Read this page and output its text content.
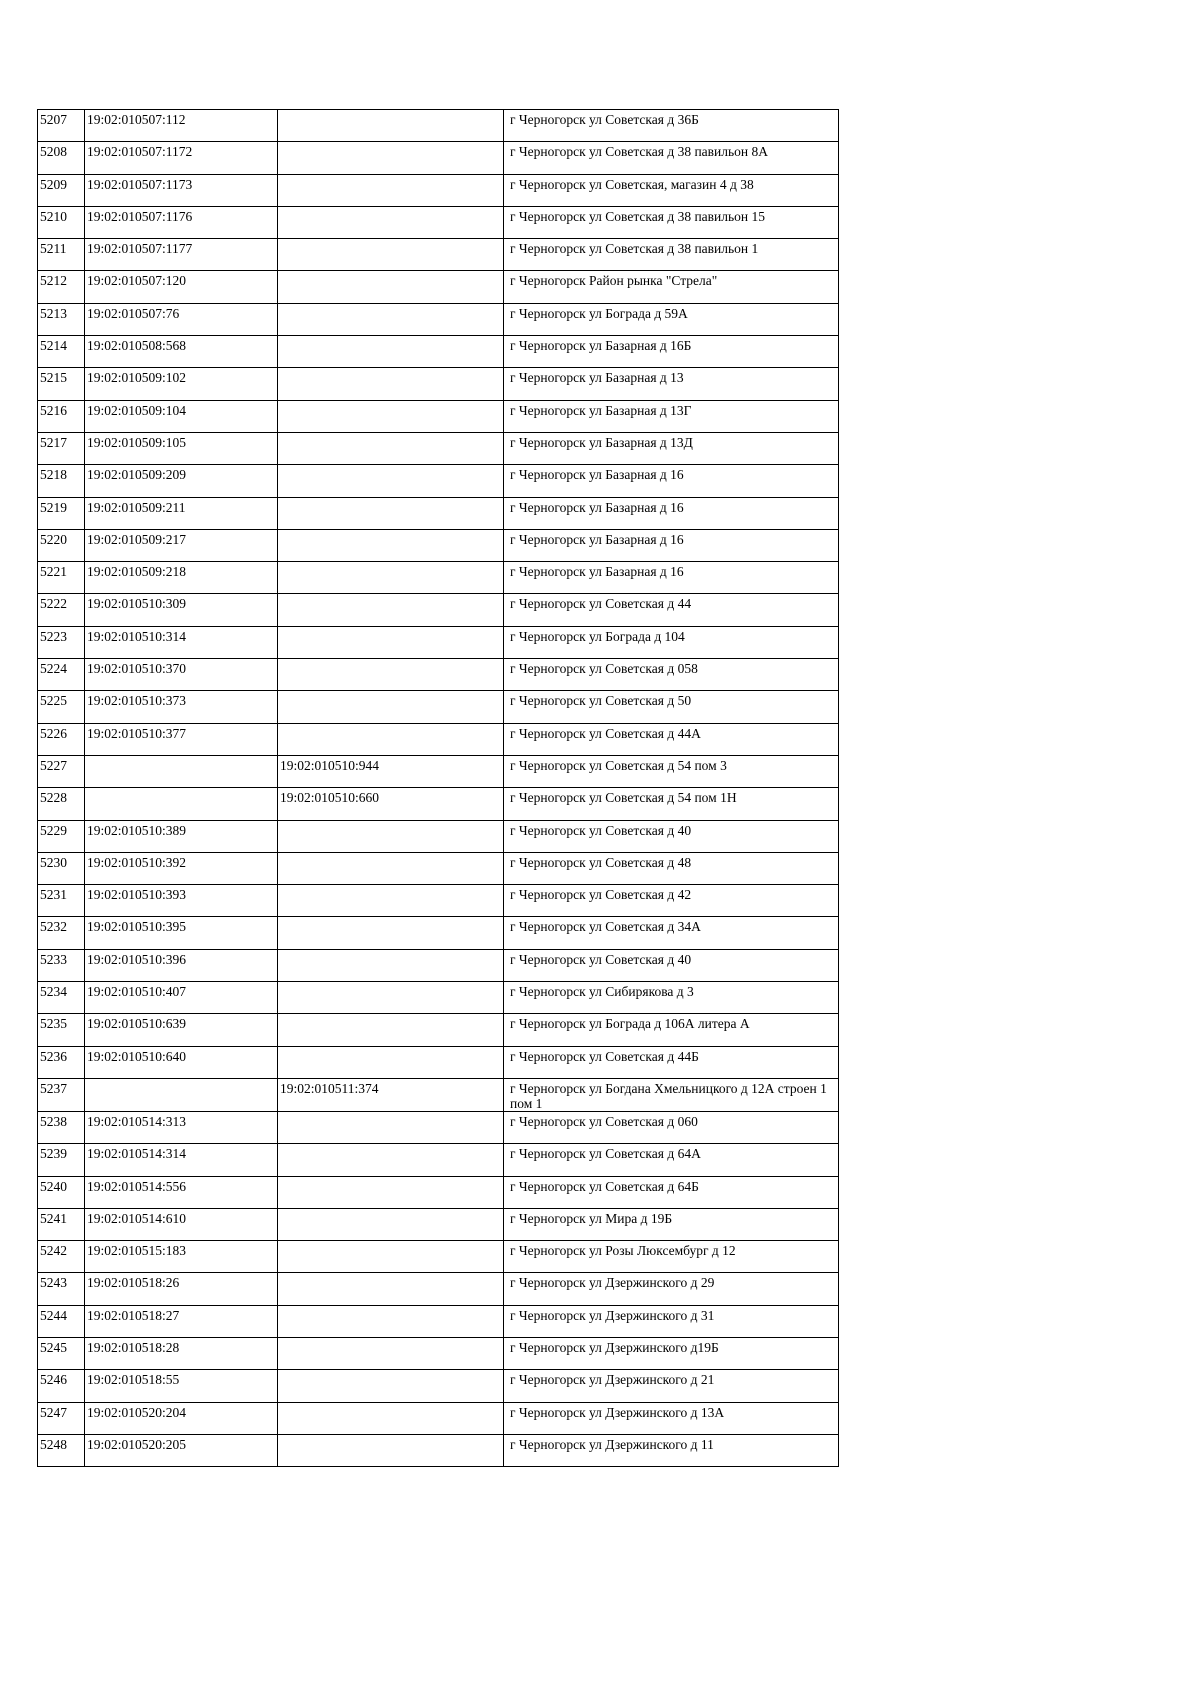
5207	19:02:010507:112		г Черногорск ул Советская д 36Б

5208	19:02:010507:1172		г Черногорск ул Советская д 38 павильон 8А

5209	19:02:010507:1173		г Черногорск ул Советская, магазин 4 д 38

5210	19:02:010507:1176		г Черногорск ул Советская д 38 павильон 15

5211	19:02:010507:1177		г Черногорск ул Советская д 38 павильон 1

5212	19:02:010507:120		г Черногорск Район рынка "Стрела"

5213	19:02:010507:76		г Черногорск ул Бограда д 59А

5214	19:02:010508:568		г Черногорск ул Базарная д 16Б

5215	19:02:010509:102		г Черногорск ул Базарная д 13

5216	19:02:010509:104		г Черногорск ул Базарная д 13Г

5217	19:02:010509:105		г Черногорск ул Базарная д 13Д

5218	19:02:010509:209		г Черногорск ул Базарная д 16

5219	19:02:010509:211		г Черногорск ул Базарная д 16

5220	19:02:010509:217		г Черногорск ул Базарная д 16

5221	19:02:010509:218		г Черногорск ул Базарная д 16

5222	19:02:010510:309		г Черногорск ул Советская д 44

5223	19:02:010510:314		г Черногорск ул Бограда д 104

5224	19:02:010510:370		г Черногорск ул Советская д 058

5225	19:02:010510:373		г Черногорск ул Советская д 50

5226	19:02:010510:377		г Черногорск ул Советская д 44А

5227		19:02:010510:944	г Черногорск ул Советская д 54 пом 3

5228		19:02:010510:660	г Черногорск ул Советская д 54 пом 1Н

5229	19:02:010510:389		г Черногорск ул Советская д 40

5230	19:02:010510:392		г Черногорск ул Советская д 48

5231	19:02:010510:393		г Черногорск ул Советская д 42

5232	19:02:010510:395		г Черногорск ул Советская д 34А

5233	19:02:010510:396		г Черногорск ул Советская д 40

5234	19:02:010510:407		г Черногорск ул Сибирякова д 3

5235	19:02:010510:639		г Черногорск ул Бограда д 106А литера А

5236	19:02:010510:640		г Черногорск ул Советская д 44Б

5237		19:02:010511:374	г Черногорск ул Богдана Хмельницкого д 12А строен 1 пом 1

5238	19:02:010514:313		г Черногорск ул Советская д 060

5239	19:02:010514:314		г Черногорск ул Советская д 64А

5240	19:02:010514:556		г Черногорск ул Советская д 64Б

5241	19:02:010514:610		г Черногорск ул Мира д 19Б

5242	19:02:010515:183		г Черногорск ул Розы Люксембург д 12

5243	19:02:010518:26		г Черногорск ул Дзержинского д 29

5244	19:02:010518:27		г Черногорск ул Дзержинского д 31

5245	19:02:010518:28		г Черногорск ул Дзержинского д19Б

5246	19:02:010518:55		г Черногорск ул Дзержинского д 21

5247	19:02:010520:204		г Черногорск ул Дзержинского д 13А

5248	19:02:010520:205		г Черногорск ул Дзержинского д 11
